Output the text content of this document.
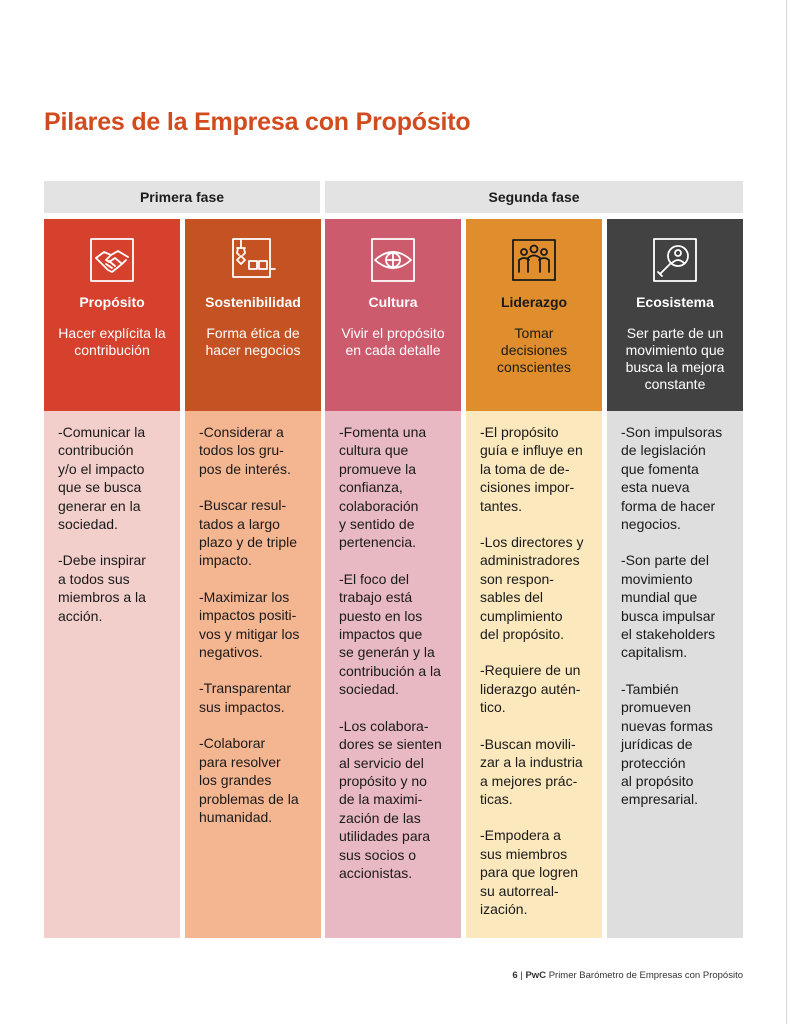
Pilares de la Empresa con Propósito
Primera fase	Segunda fase
Propósito
Hacer explícita la contribución
-Comunicar la
contribución
y/o el impacto
que se busca
generar en la
sociedad.
-Debe inspirar
a todos sus
miembros a la
acción.
Sostenibilidad
Forma ética de hacer negocios
-Considerar a
todos los gru-
pos de interés.
-Buscar resul-
tados a largo
plazo y de triple
impacto.
-Maximizar los
impactos positi-
vos y mitigar los
negativos.
-Transparentar
sus impactos.
-Colaborar
para resolver
los grandes
problemas de la
humanidad.
Cultura
Vivir el propósito en cada detalle
-Fomenta una
cultura que
promueve la
confianza,
colaboración
y sentido de
pertenencia.
-El foco del
trabajo está
puesto en los
impactos que
se generán y la
contribución a la
sociedad.
-Los colabora-
dores se sienten
al servicio del
propósito y no
de la maximi-
zación de las
utilidades para
sus socios o
accionistas.
Liderazgo
Tomar decisiones conscientes
-El propósito
guía e influye en
la toma de de-
cisiones impor-
tantes.
-Los directores y
administradores
son respon-
sables del
cumplimiento
del propósito.
-Requiere de un
liderazgo autén-
tico.
-Buscan movili-
zar a la industria
a mejores prác-
ticas.
-Empodera a
sus miembros
para que logren
su autorreal-
ización.
Ecosistema
Ser parte de un movimiento que busca la mejora constante
-Son impulsoras
de legislación
que fomenta
esta nueva
forma de hacer
negocios.
-Son parte del
movimiento
mundial que
busca impulsar
el stakeholders
capitalism.
-También
promueven
nuevas formas
jurídicas de
protección
al propósito
empresarial.
6 | PwC Primer Barómetro de Empresas con Propósito
